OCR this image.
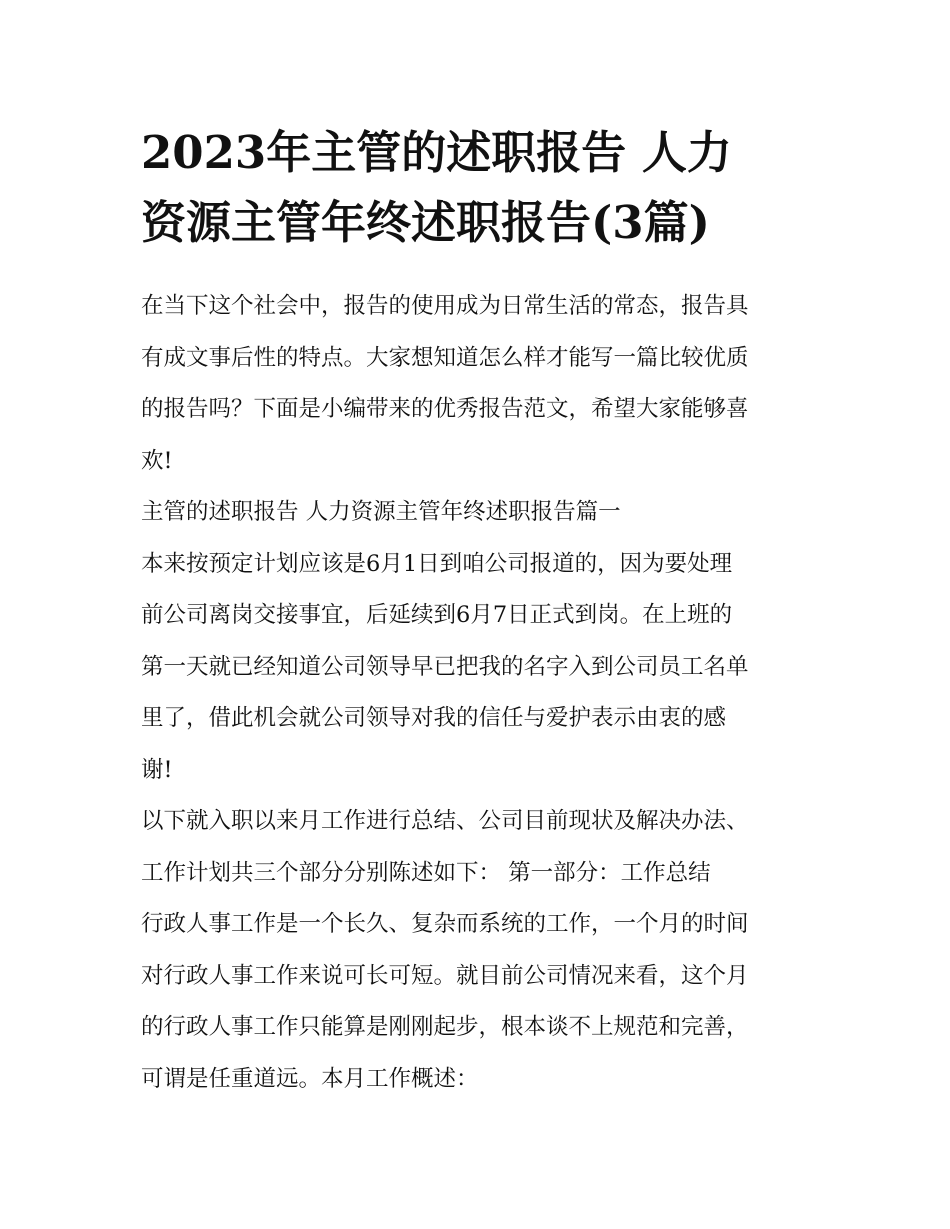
2023年主管的述职报告 人力
资源主管年终述职报告(3篇)

在当下这个社会中，报告的使用成为日常生活的常态，报告具
有成文事后性的特点。大家想知道怎么样才能写一篇比较优质
的报告吗？下面是小编带来的优秀报告范文，希望大家能够喜
欢!

主管的述职报告 人力资源主管年终述职报告篇一

本来按预定计划应该是6月1日到咱公司报道的，因为要处理
前公司离岗交接事宜，后延续到6月7日正式到岗。在上班的
第一天就已经知道公司领导早已把我的名字入到公司员工名单
里了，借此机会就公司领导对我的信任与爱护表示由衷的感
谢!

以下就入职以来月工作进行总结、公司目前现状及解决办法、
工作计划共三个部分分别陈述如下： 第一部分：工作总结

行政人事工作是一个长久、复杂而系统的工作，一个月的时间
对行政人事工作来说可长可短。就目前公司情况来看，这个月
的行政人事工作只能算是刚刚起步，根本谈不上规范和完善，
可谓是任重道远。本月工作概述：
